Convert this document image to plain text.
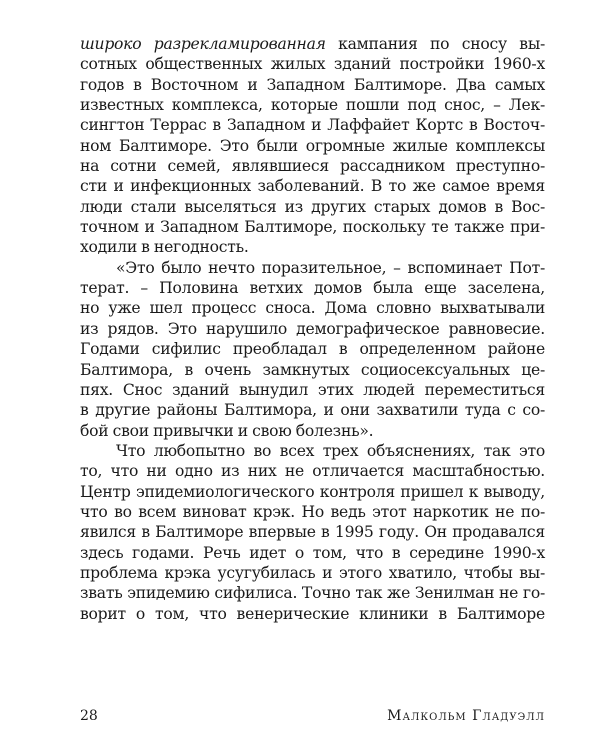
широко разрекламированная кампания по сносу вы-
сотных общественных жилых зданий постройки 1960-х
годов в Восточном и Западном Балтиморе. Два самых
известных комплекса, которые пошли под снос, – Лек-
сингтон Террас в Западном и Лаффайет Кортс в Восточ-
ном Балтиморе. Это были огромные жилые комплексы
на сотни семей, являвшиеся рассадником преступно-
сти и инфекционных заболеваний. В то же самое время
люди стали выселяться из других старых домов в Вос-
точном и Западном Балтиморе, поскольку те также при-
ходили в негодность.
«Это было нечто поразительное, – вспоминает Пот-
терат. – Половина ветхих домов была еще заселена,
но уже шел процесс сноса. Дома словно выхватывали
из рядов. Это нарушило демографическое равновесие.
Годами сифилис преобладал в определенном районе
Балтимора, в очень замкнутых социосексуальных це-
пях. Снос зданий вынудил этих людей переместиться
в другие районы Балтимора, и они захватили туда с со-
бой свои привычки и свою болезнь».
Что любопытно во всех трех объяснениях, так это
то, что ни одно из них не отличается масштабностью.
Центр эпидемиологического контроля пришел к выводу,
что во всем виноват крэк. Но ведь этот наркотик не по-
явился в Балтиморе впервые в 1995 году. Он продавался
здесь годами. Речь идет о том, что в середине 1990-х
проблема крэка усугубилась и этого хватило, чтобы вы-
звать эпидемию сифилиса. Точно так же Зенилман не го-
ворит о том, что венерические клиники в Балтиморе
28	Малкольм Гладуэлл
